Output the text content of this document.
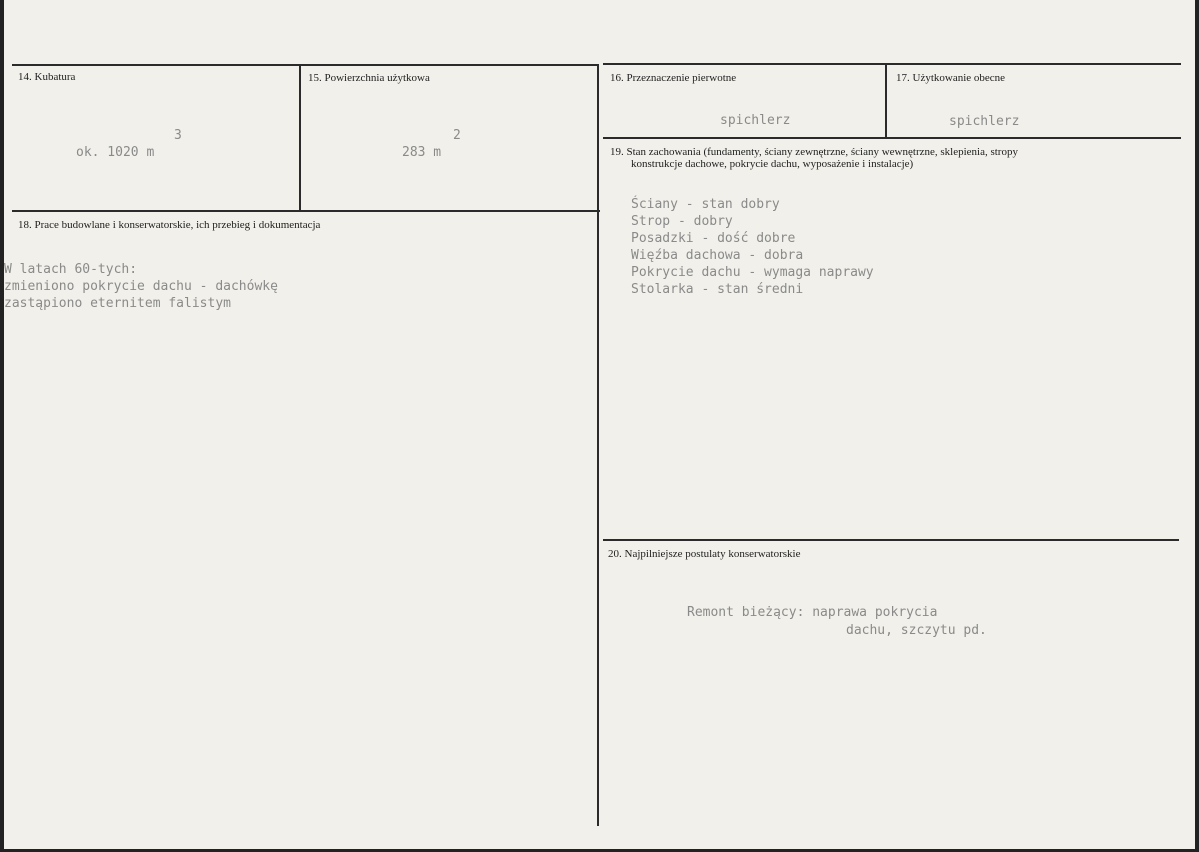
14. Kubatura
3
ok. 1020 m
15. Powierzchnia użytkowa
2
283 m
16. Przeznaczenie pierwotne
spichlerz
17. Użytkowanie obecne
spichlerz
18. Prace budowlane i konserwatorskie, ich przebieg i dokumentacja
W latach 60-tych:
zmieniono pokrycie dachu - dachówkę
zastąpiono eternitem falistym
19. Stan zachowania (fundamenty, ściany zewnętrzne, ściany wewnętrzne, sklepienia, stropy
konstrukcje dachowe, pokrycie dachu, wyposażenie i instalacje)
Ściany - stan dobry
Strop - dobry
Posadzki - dość dobre
Więźba dachowa - dobra
Pokrycie dachu - wymaga naprawy
Stolarka - stan średni
20. Najpilniejsze postulaty konserwatorskie
Remont bieżący: naprawa pokrycia
dachu, szczytu pd.
